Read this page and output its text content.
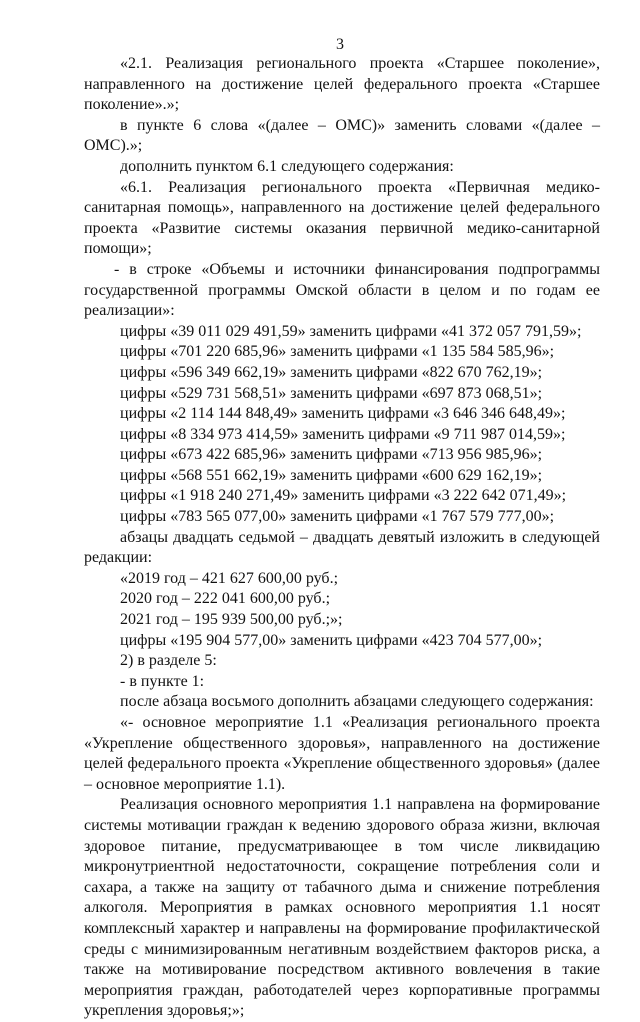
3

«2.1. Реализация регионального проекта «Старшее поколение», направленного на достижение целей федерального проекта «Старшее поколение».»;

в пункте 6 слова «(далее – ОМС)» заменить словами «(далее – ОМС).»;

дополнить пунктом 6.1 следующего содержания:

«6.1. Реализация регионального проекта «Первичная медико-санитарная помощь», направленного на достижение целей федерального проекта «Развитие системы оказания первичной медико-санитарной помощи»;

- в строке «Объемы и источники финансирования подпрограммы государственной программы Омской области в целом и по годам ее реализации»:

цифры «39 011 029 491,59» заменить цифрами «41 372 057 791,59»;
цифры «701 220 685,96» заменить цифрами «1 135 584 585,96»;
цифры «596 349 662,19» заменить цифрами «822 670 762,19»;
цифры «529 731 568,51» заменить цифрами «697 873 068,51»;
цифры «2 114 144 848,49» заменить цифрами «3 646 346 648,49»;
цифры «8 334 973 414,59» заменить цифрами «9 711 987 014,59»;
цифры «673 422 685,96» заменить цифрами «713 956 985,96»;
цифры «568 551 662,19» заменить цифрами «600 629 162,19»;
цифры «1 918 240 271,49» заменить цифрами «3 222 642 071,49»;
цифры «783 565 077,00» заменить цифрами «1 767 579 777,00»;

абзацы двадцать седьмой – двадцать девятый изложить в следующей редакции:

«2019 год – 421 627 600,00 руб.;
2020 год – 222 041 600,00 руб.;
2021 год – 195 939 500,00 руб.;»;

цифры «195 904 577,00» заменить цифрами «423 704 577,00»;

2) в разделе 5:

- в пункте 1:

после абзаца восьмого дополнить абзацами следующего содержания:

«- основное мероприятие 1.1 «Реализация регионального проекта «Укрепление общественного здоровья», направленного на достижение целей федерального проекта «Укрепление общественного здоровья» (далее – основное мероприятие 1.1).

Реализация основного мероприятия 1.1 направлена на формирование системы мотивации граждан к ведению здорового образа жизни, включая здоровое питание, предусматривающее в том числе ликвидацию микронутриентной недостаточности, сокращение потребления соли и сахара, а также на защиту от табачного дыма и снижение потребления алкоголя. Мероприятия в рамках основного мероприятия 1.1 носят комплексный характер и направлены на формирование профилактической среды с минимизированным негативным воздействием факторов риска, а также на мотивирование посредством активного вовлечения в такие мероприятия граждан, работодателей через корпоративные программы укрепления здоровья;»;
